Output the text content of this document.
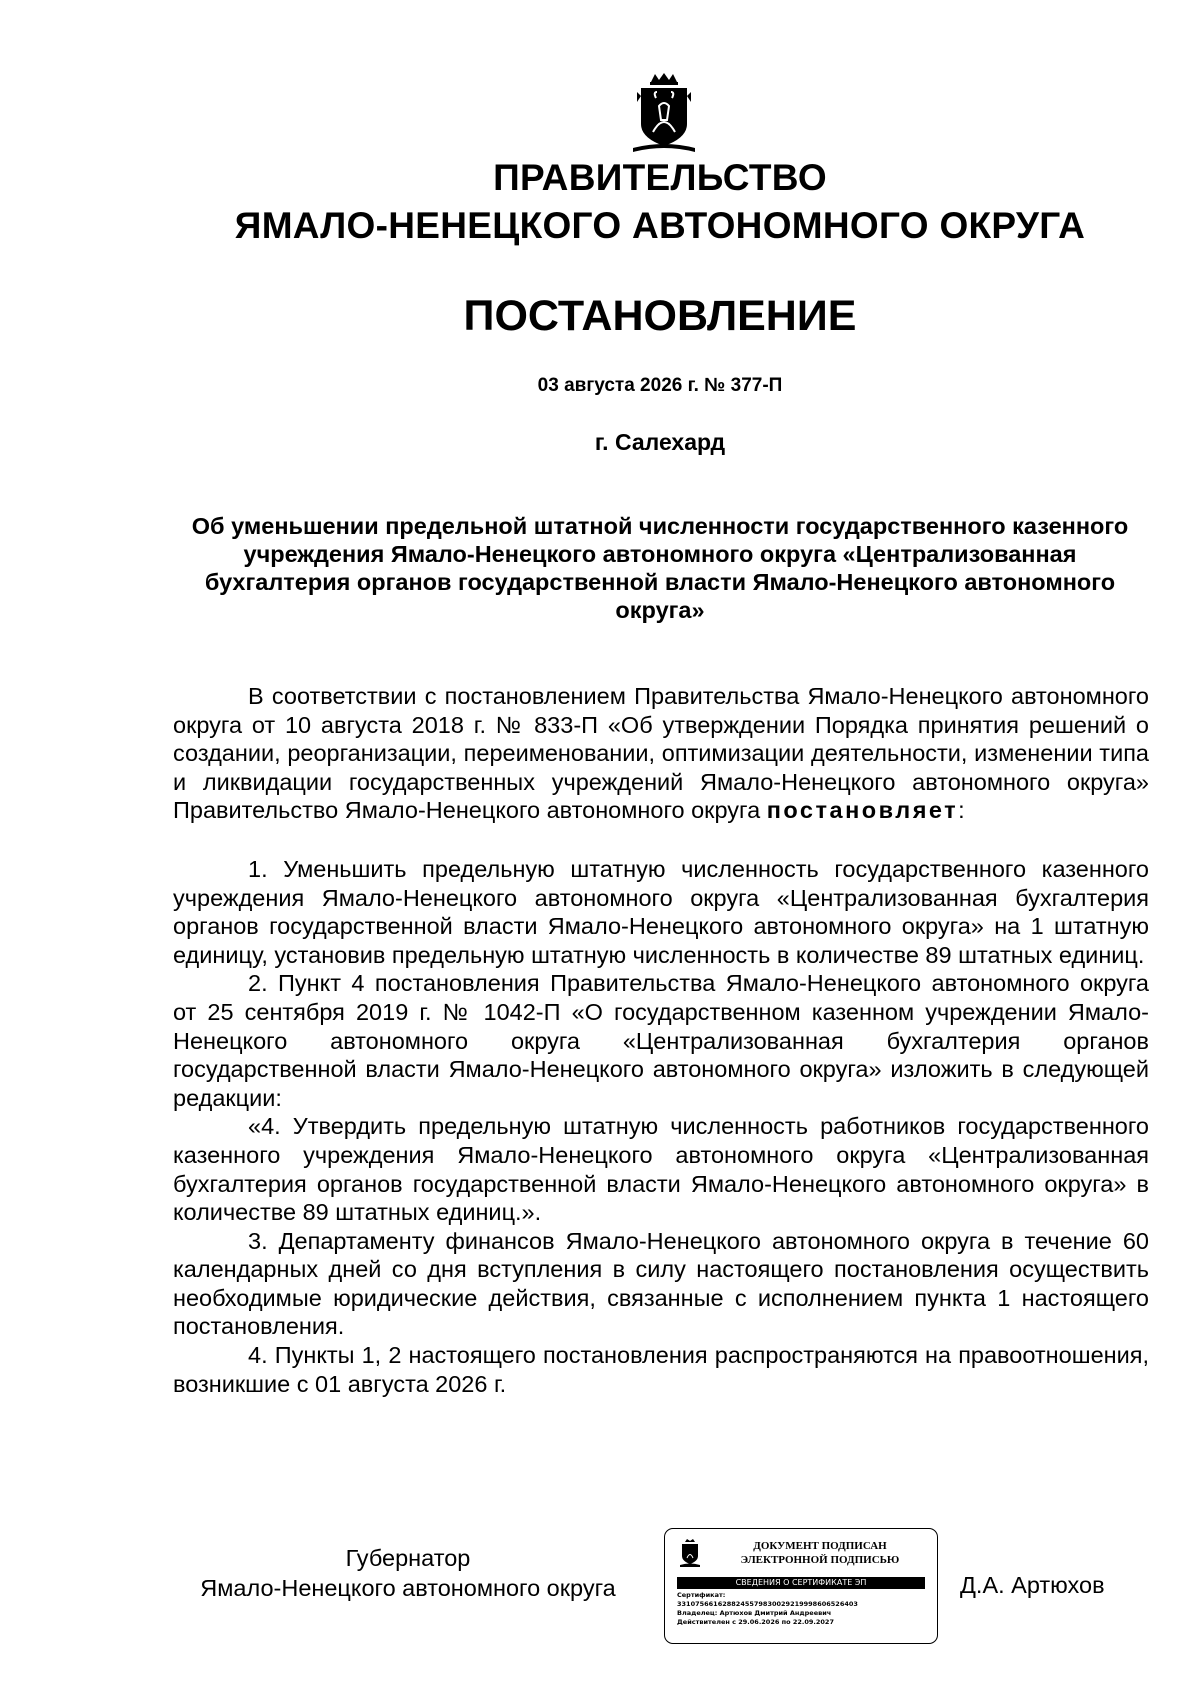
ПРАВИТЕЛЬСТВО
ЯМАЛО-НЕНЕЦКОГО АВТОНОМНОГО ОКРУГА
ПОСТАНОВЛЕНИЕ
03 августа 2026 г. № 377-П
г. Салехард
Об уменьшении предельной штатной численности государственного казенного учреждения Ямало-Ненецкого автономного округа «Централизованная бухгалтерия органов государственной власти Ямало-Ненецкого автономного округа»

В соответствии с постановлением Правительства Ямало-Ненецкого автономного округа от 10 августа 2018 г. № 833-П «Об утверждении Порядка принятия решений о создании, реорганизации, переименовании, оптимизации деятельности, изменении типа и ликвидации государственных учреждений Ямало-Ненецкого автономного округа» Правительство Ямало-Ненецкого автономного округа постановляет:

1. Уменьшить предельную штатную численность государственного казенного учреждения Ямало-Ненецкого автономного округа «Централизованная бухгалтерия органов государственной власти Ямало-Ненецкого автономного округа» на 1 штатную единицу, установив предельную штатную численность в количестве 89 штатных единиц.

2. Пункт 4 постановления Правительства Ямало-Ненецкого автономного округа от 25 сентября 2019 г. № 1042-П «О государственном казенном учреждении Ямало-Ненецкого автономного округа «Централизованная бухгалтерия органов государственной власти Ямало-Ненецкого автономного округа» изложить в следующей редакции:

«4. Утвердить предельную штатную численность работников государственного казенного учреждения Ямало-Ненецкого автономного округа «Централизованная бухгалтерия органов государственной власти Ямало-Ненецкого автономного округа» в количестве 89 штатных единиц.».

3. Департаменту финансов Ямало-Ненецкого автономного округа в течение 60 календарных дней со дня вступления в силу настоящего постановления осуществить необходимые юридические действия, связанные с исполнением пункта 1 настоящего постановления.

4. Пункты 1, 2 настоящего постановления распространяются на правоотношения, возникшие с 01 августа 2026 г.

Губернатор
Ямало-Ненецкого автономного округа
ДОКУМЕНТ ПОДПИСАН
ЭЛЕКТРОННОЙ ПОДПИСЬЮ
СВЕДЕНИЯ О СЕРТИФИКАТЕ ЭП
Сертификат:
3310756616288245579830029219998606526403
Владелец: Артюхов Дмитрий Андреевич
Действителен с 29.06.2026 по 22.09.2027
Д.А. Артюхов
